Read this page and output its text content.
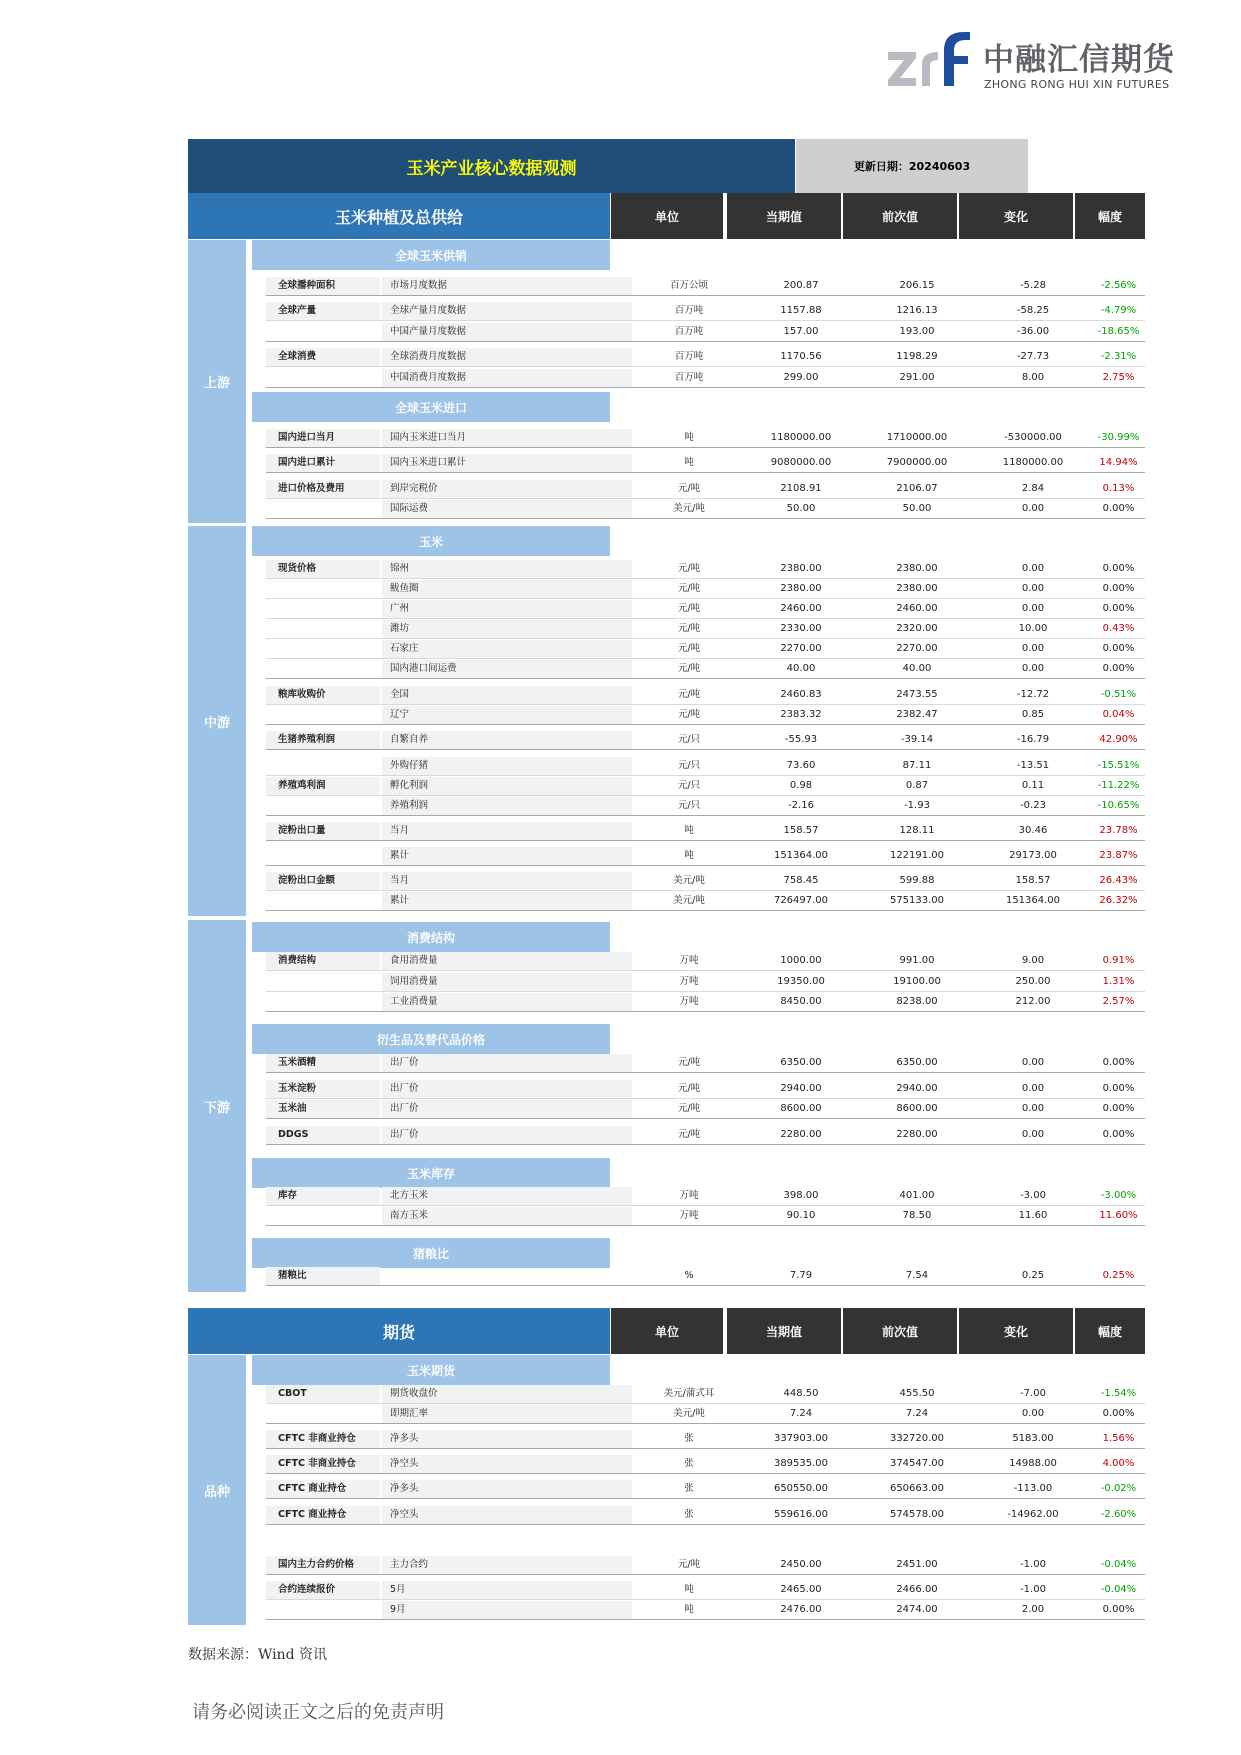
中融汇信期货
ZHONG RONG HUI XIN FUTURES
玉米产业核心数据观测	更新日期：20240603
玉米种植及总供给	单位	当期值	前次值	变化	幅度
上游
中游
下游
全球玉米供销
全球玉米进口
玉米
消费结构
衍生品及替代品价格
玉米库存
猪粮比
期货	单位	当期值	前次值	变化	幅度
品种
玉米期货
全球播种面积	市场月度数据	百万公顷	200.87	206.15	-5.28	-2.56%
全球产量	全球产量月度数据	百万吨	1157.88	1216.13	-58.25	-4.79%
中国产量月度数据	百万吨	157.00	193.00	-36.00	-18.65%
全球消费	全球消费月度数据	百万吨	1170.56	1198.29	-27.73	-2.31%
中国消费月度数据	百万吨	299.00	291.00	8.00	2.75%
国内进口当月	国内玉米进口当月	吨	1180000.00	1710000.00	-530000.00	-30.99%
国内进口累计	国内玉米进口累计	吨	9080000.00	7900000.00	1180000.00	14.94%
进口价格及费用	到岸完税价	元/吨	2108.91	2106.07	2.84	0.13%
国际运费	美元/吨	50.00	50.00	0.00	0.00%
现货价格	锦州	元/吨	2380.00	2380.00	0.00	0.00%
鲅鱼圈	元/吨	2380.00	2380.00	0.00	0.00%
广州	元/吨	2460.00	2460.00	0.00	0.00%
潍坊	元/吨	2330.00	2320.00	10.00	0.43%
石家庄	元/吨	2270.00	2270.00	0.00	0.00%
国内港口间运费	元/吨	40.00	40.00	0.00	0.00%
粮库收购价	全国	元/吨	2460.83	2473.55	-12.72	-0.51%
辽宁	元/吨	2383.32	2382.47	0.85	0.04%
生猪养殖利润	自繁自养	元/只	-55.93	-39.14	-16.79	42.90%
外购仔猪	元/只	73.60	87.11	-13.51	-15.51%
养殖鸡利润	孵化利润	元/只	0.98	0.87	0.11	-11.22%
养殖利润	元/只	-2.16	-1.93	-0.23	-10.65%
淀粉出口量	当月	吨	158.57	128.11	30.46	23.78%
累计	吨	151364.00	122191.00	29173.00	23.87%
淀粉出口金额	当月	美元/吨	758.45	599.88	158.57	26.43%
累计	美元/吨	726497.00	575133.00	151364.00	26.32%
消费结构	食用消费量	万吨	1000.00	991.00	9.00	0.91%
饲用消费量	万吨	19350.00	19100.00	250.00	1.31%
工业消费量	万吨	8450.00	8238.00	212.00	2.57%
玉米酒精	出厂价	元/吨	6350.00	6350.00	0.00	0.00%
玉米淀粉	出厂价	元/吨	2940.00	2940.00	0.00	0.00%
玉米油	出厂价	元/吨	8600.00	8600.00	0.00	0.00%
DDGS	出厂价	元/吨	2280.00	2280.00	0.00	0.00%
库存	北方玉米	万吨	398.00	401.00	-3.00	-3.00%
南方玉米	万吨	90.10	78.50	11.60	11.60%
猪粮比	%	7.79	7.54	0.25	0.25%
CBOT	期货收盘价	美元/蒲式耳	448.50	455.50	-7.00	-1.54%
即期汇率	美元/吨	7.24	7.24	0.00	0.00%
CFTC 非商业持仓	净多头	张	337903.00	332720.00	5183.00	1.56%
CFTC 非商业持仓	净空头	张	389535.00	374547.00	14988.00	4.00%
CFTC 商业持仓	净多头	张	650550.00	650663.00	-113.00	-0.02%
CFTC 商业持仓	净空头	张	559616.00	574578.00	-14962.00	-2.60%
国内主力合约价格	主力合约	元/吨	2450.00	2451.00	-1.00	-0.04%
合约连续报价	5月	吨	2465.00	2466.00	-1.00	-0.04%
9月	吨	2476.00	2474.00	2.00	0.00%
数据来源：Wind 资讯
请务必阅读正文之后的免责声明
